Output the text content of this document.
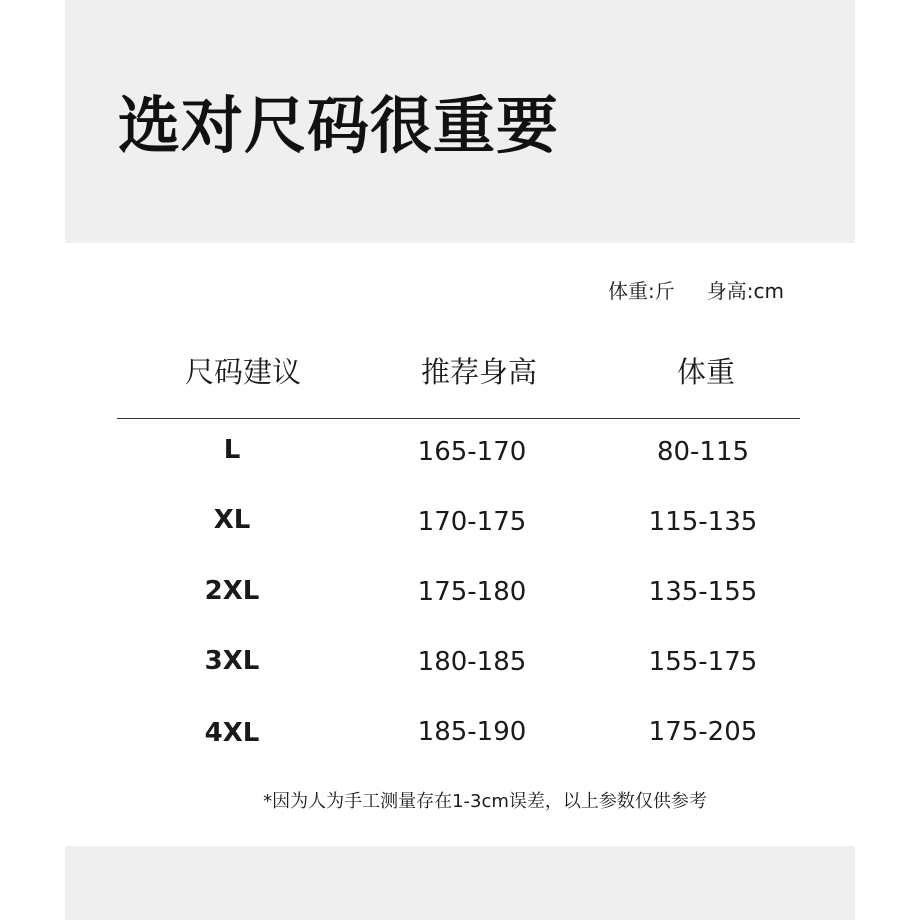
选对尺码很重要
体重:斤 身高:cm
尺码建议	推荐身高	体重
L	165-170	80-115
XL	170-175	115-135
2XL	175-180	135-155
3XL	180-185	155-175
4XL	185-190	175-205
*因为人为手工测量存在1-3cm误差，以上参数仅供参考
